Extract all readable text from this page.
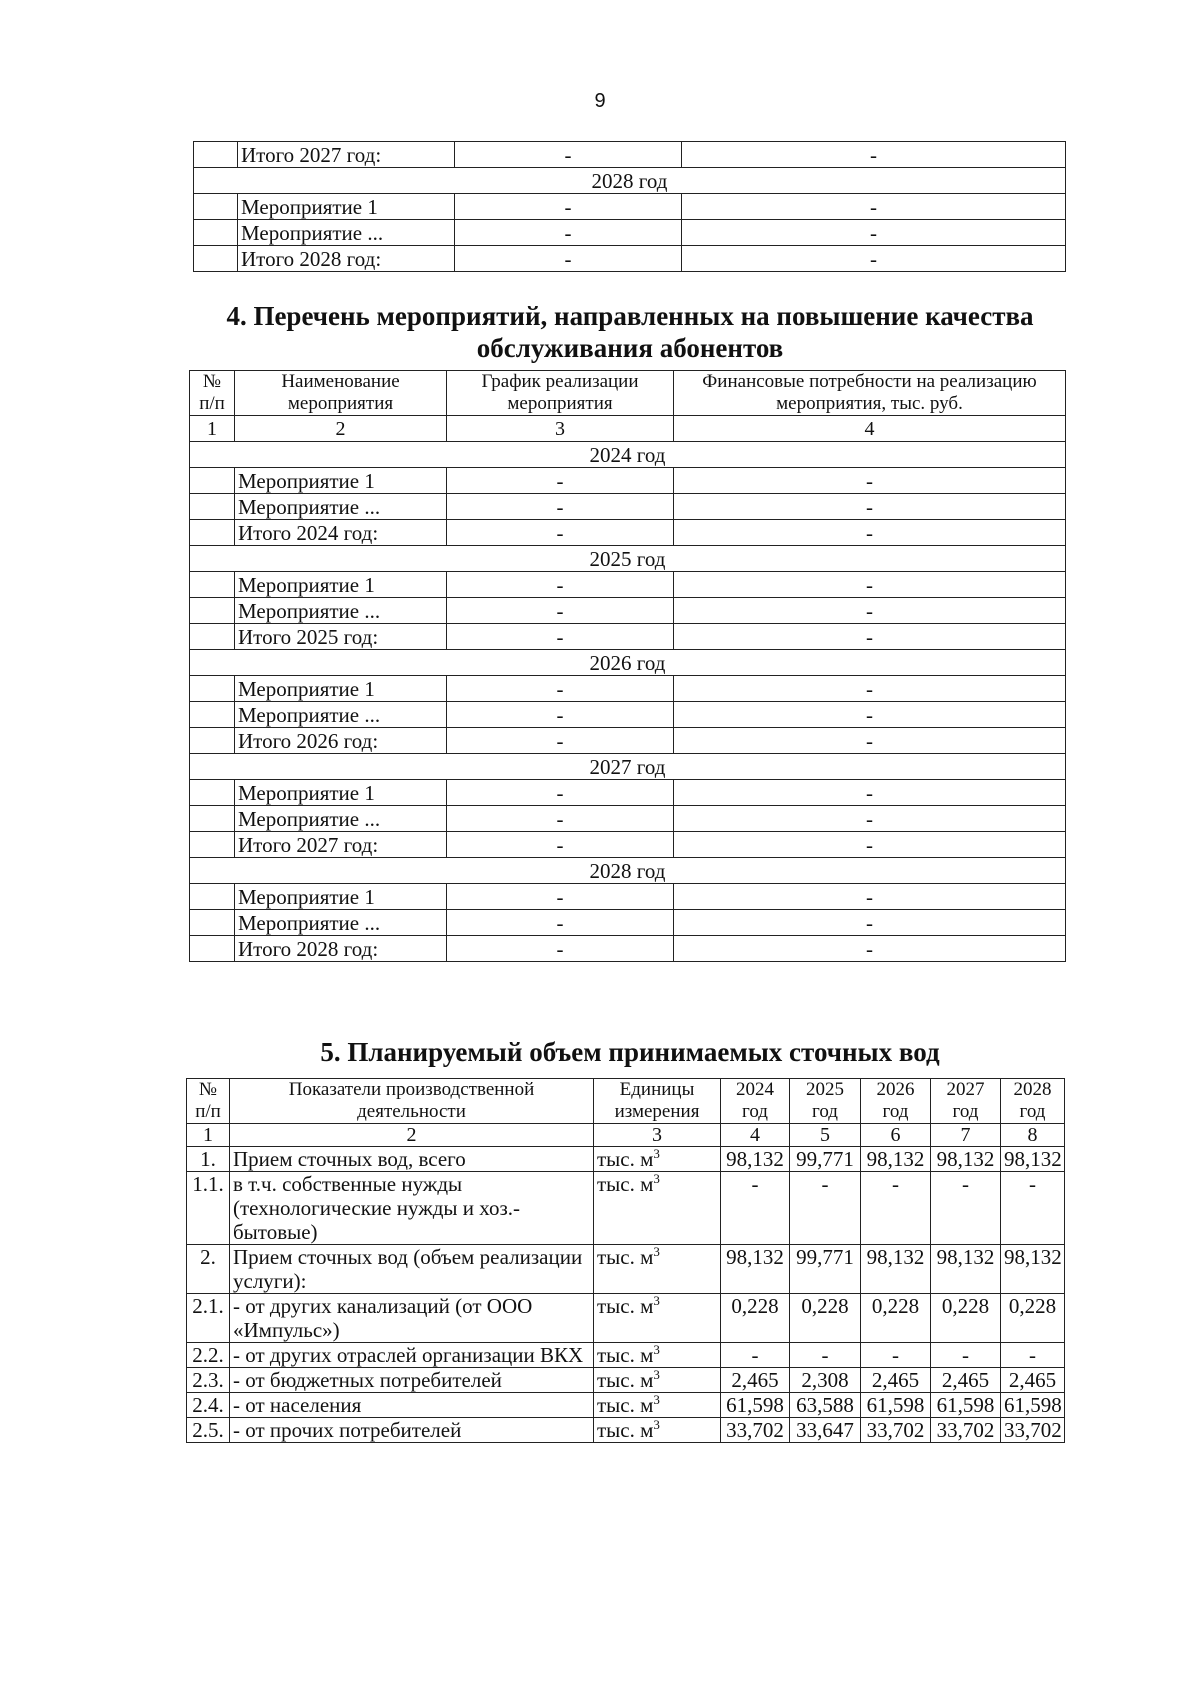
9
	Итого 2027 год:	-	-
2028 год			
	Мероприятие 1	-	-
	Мероприятие ...	-	-
	Итого 2028 год:	-	-
4. Перечень мероприятий, направленных на повышение качества
обслуживания абонентов
№ п/п	Наименование мероприятия	График реализации мероприятия	Финансовые потребности на реализацию мероприятия, тыс. руб.
1	2	3	4
2024 год			
	Мероприятие 1	-	-
	Мероприятие ...	-	-
	Итого 2024 год:	-	-
2025 год			
	Мероприятие 1	-	-
	Мероприятие ...	-	-
	Итого 2025 год:	-	-
2026 год			
	Мероприятие 1	-	-
	Мероприятие ...	-	-
	Итого 2026 год:	-	-
2027 год			
	Мероприятие 1	-	-
	Мероприятие ...	-	-
	Итого 2027 год:	-	-
2028 год			
	Мероприятие 1	-	-
	Мероприятие ...	-	-
	Итого 2028 год:	-	-
5. Планируемый объем принимаемых сточных вод
№ п/п	Показатели производственной деятельности	Единицы измерения	2024 год	2025 год	2026 год	2027 год	2028 год
1	2	3	4	5	6	7	8
1.	Прием сточных вод, всего	тыс. $м^3$	98,132	99,771	98,132	98,132	98,132
1.1.	в т.ч. собственные нужды (технологические нужды и хоз.-бытовые)	тыс. $м^3$	-	-	-	-	-
2.	Прием сточных вод (объем реализации услуги):	тыс. $м^3$	98,132	99,771	98,132	98,132	98,132
2.1.	- от других канализаций (от ООО «Импульс»)	тыс. $м^3$	0,228	0,228	0,228	0,228	0,228
2.2.	- от других отраслей организации ВКХ	тыс. $м^3$	-	-	-	-	-
2.3.	- от бюджетных потребителей	тыс. $м^3$	2,465	2,308	2,465	2,465	2,465
2.4.	- от населения	тыс. $м^3$	61,598	63,588	61,598	61,598	61,598
2.5.	- от прочих потребителей	тыс. $м^3$	33,702	33,647	33,702	33,702	33,702
